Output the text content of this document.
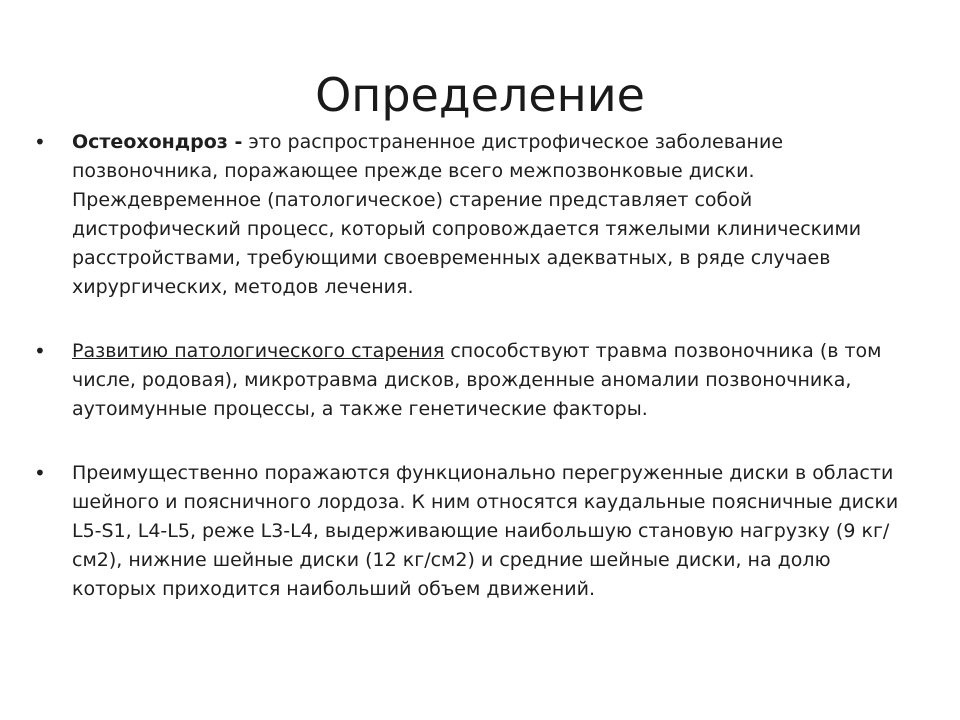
Определение
•	Остеохондроз - это распространенное дистрофическое заболевание позвоночника, поражающее прежде всего межпозвонковые диски. Преждевременное (патологическое) старение представляет собой дистрофический процесс, который сопровождается тяжелыми клиническими расстройствами, требующими своевременных адекватных, в ряде случаев хирургических, методов лечения.
•	Развитию патологического старения способствуют травма позвоночника (в том числе, родовая), микротравма дисков, врожденные аномалии позвоночника, аутоимунные процессы, а также генетические факторы.
•	Преимущественно поражаются функционально перегруженные диски в области шейного и поясничного лордоза. К ним относятся каудальные поясничные диски L5-S1, L4-L5, реже L3-L4, выдерживающие наибольшую становую нагрузку (9 кг/см2), нижние шейные диски (12 кг/см2) и средние шейные диски, на долю которых приходится наибольший объем движений.
